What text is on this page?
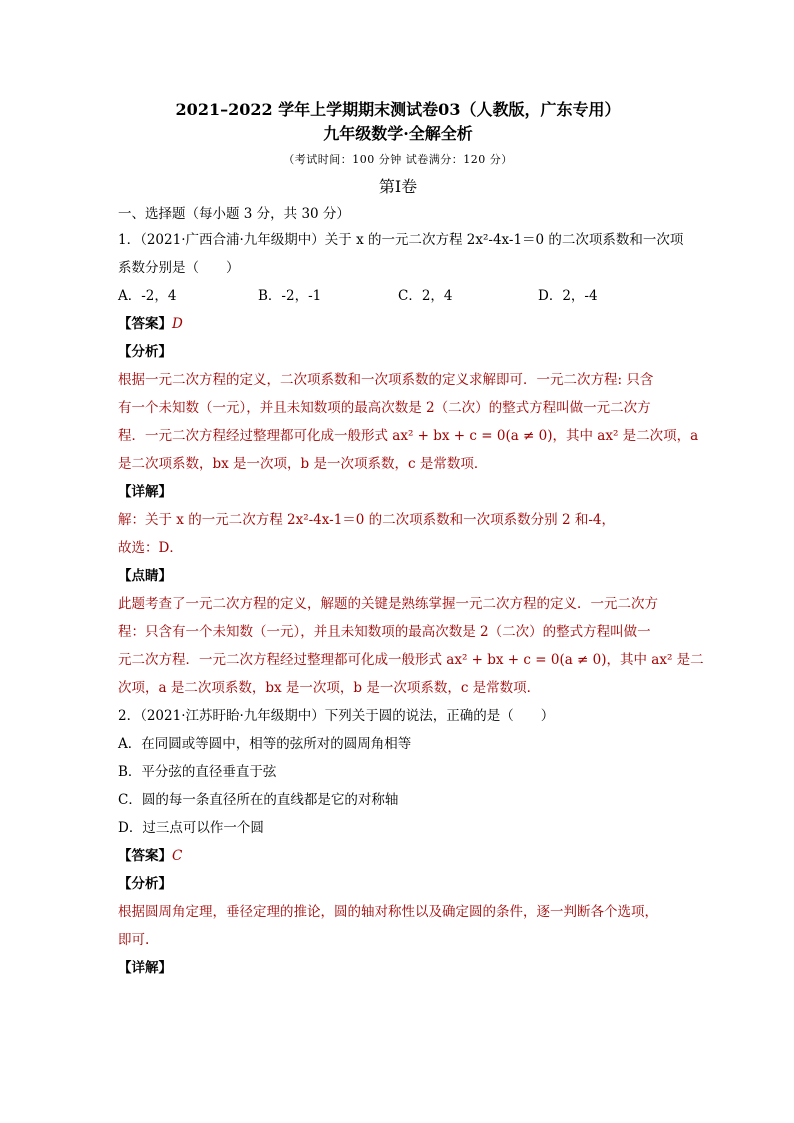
2021–2022 学年上学期期末测试卷03（人教版，广东专用）
九年级数学·全解全析
（考试时间：100 分钟 试卷满分：120 分）
第Ⅰ卷
一、选择题（每小题 3 分，共 30 分）
1．（2021·广西合浦·九年级期中）关于 x 的一元二次方程 2x²-4x-1＝0 的二次项系数和一次项
系数分别是（　　）
A．-2，4	B．-2，-1	C．2，4	D．2，-4
【答案】D
【分析】
根据一元二次方程的定义，二次项系数和一次项系数的定义求解即可．一元二次方程: 只含
有一个未知数（一元），并且未知数项的最高次数是 2（二次）的整式方程叫做一元二次方
程．一元二次方程经过整理都可化成一般形式 ax² + bx + c = 0(a ≠ 0)，其中 ax² 是二次项，a
是二次项系数，bx 是一次项，b 是一次项系数，c 是常数项．
【详解】
解：关于 x 的一元二次方程 2x²-4x-1＝0 的二次项系数和一次项系数分别 2 和-4，
故选：D．
【点睛】
此题考查了一元二次方程的定义，解题的关键是熟练掌握一元二次方程的定义．一元二次方
程：只含有一个未知数（一元），并且未知数项的最高次数是 2（二次）的整式方程叫做一
元二次方程．一元二次方程经过整理都可化成一般形式 ax² + bx + c = 0(a ≠ 0)，其中 ax² 是二
次项，a 是二次项系数，bx 是一次项，b 是一次项系数，c 是常数项．
2．（2021·江苏盱眙·九年级期中）下列关于圆的说法，正确的是（　　）
A．在同圆或等圆中，相等的弦所对的圆周角相等
B．平分弦的直径垂直于弦
C．圆的每一条直径所在的直线都是它的对称轴
D．过三点可以作一个圆
【答案】C
【分析】
根据圆周角定理，垂径定理的推论，圆的轴对称性以及确定圆的条件，逐一判断各个选项，
即可.
【详解】
